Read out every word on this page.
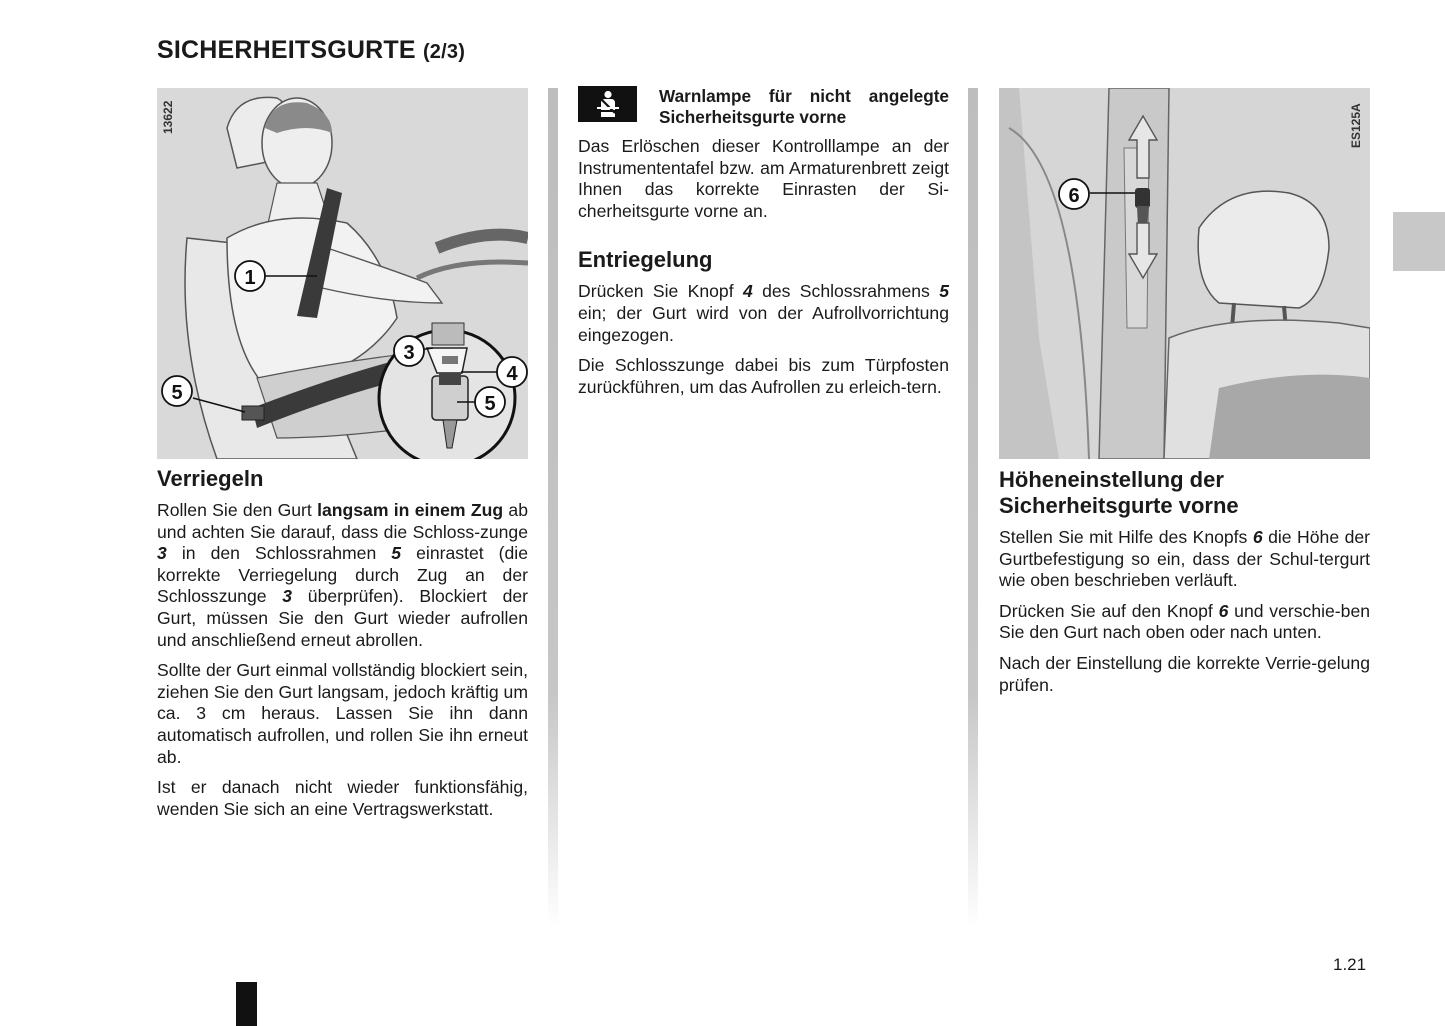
SICHERHEITSGURTE (2/3)
1
3
4
5
5
13622
Verriegeln

Rollen Sie den Gurt langsam in einem Zug ab und achten Sie darauf, dass die Schloss-zunge 3 in den Schlossrahmen 5 einrastet (die korrekte Verriegelung durch Zug an der Schlosszunge 3 überprüfen). Blockiert der Gurt, müssen Sie den Gurt wieder aufrollen und anschließend erneut abrollen.

Sollte der Gurt einmal vollständig blockiert sein, ziehen Sie den Gurt langsam, jedoch kräftig um ca. 3 cm heraus. Lassen Sie ihn dann automatisch aufrollen, und rollen Sie ihn erneut ab.

Ist er danach nicht wieder funktionsfähig, wenden Sie sich an eine Vertragswerkstatt.

Warnlampe für nicht angelegte Sicherheitsgurte vorne

Das Erlöschen dieser Kontrolllampe an der Instrumententafel bzw. am Armaturenbrett zeigt Ihnen das korrekte Einrasten der Si-cherheitsgurte vorne an.

Entriegelung

Drücken Sie Knopf 4 des Schlossrahmens 5 ein; der Gurt wird von der Aufrollvorrichtung eingezogen.

Die Schlosszunge dabei bis zum Türpfosten zurückführen, um das Aufrollen zu erleich-tern.

6
ES125A
Höheneinstellung der Sicherheitsgurte vorne

Stellen Sie mit Hilfe des Knopfs 6 die Höhe der Gurtbefestigung so ein, dass der Schul-tergurt wie oben beschrieben verläuft.

Drücken Sie auf den Knopf 6 und verschie-ben Sie den Gurt nach oben oder nach unten.

Nach der Einstellung die korrekte Verrie-gelung prüfen.

1.21
